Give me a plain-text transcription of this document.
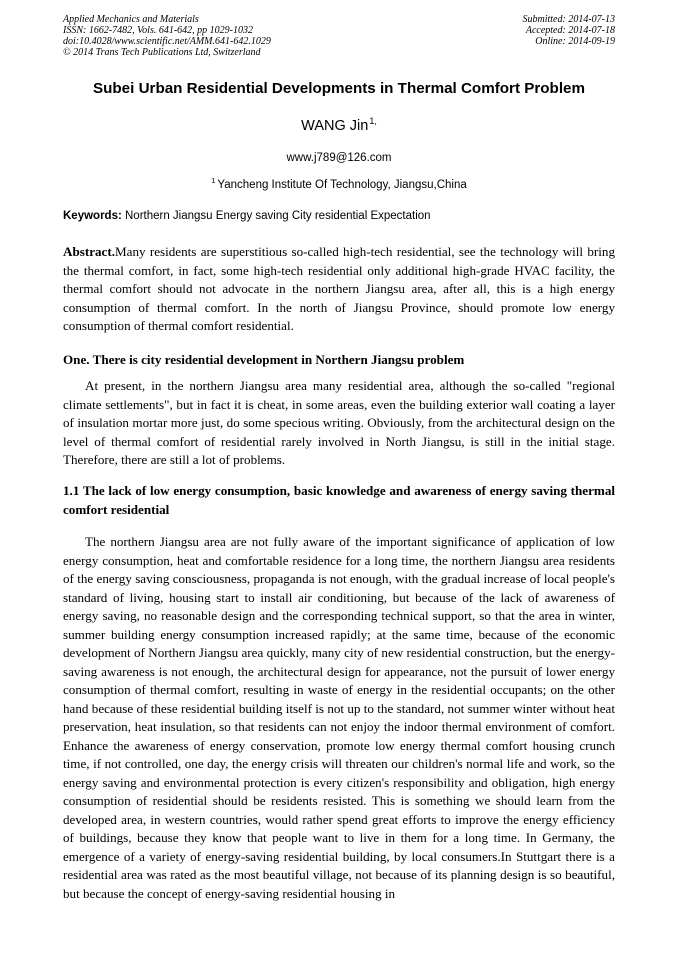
Applied Mechanics and Materials
ISSN: 1662-7482, Vols. 641-642, pp 1029-1032
doi:10.4028/www.scientific.net/AMM.641-642.1029
© 2014 Trans Tech Publications Ltd, Switzerland
Submitted: 2014-07-13
Accepted: 2014-07-18
Online: 2014-09-19
Subei Urban Residential Developments in Thermal Comfort Problem
WANG Jin$^{1,}$
www.j789@126.com
$^1$ Yancheng Institute Of Technology, Jiangsu,China
Keywords: Northern Jiangsu Energy saving City residential Expectation
Abstract.Many residents are superstitious so-called high-tech residential, see the technology will bring the thermal comfort, in fact, some high-tech residential only additional high-grade HVAC facility, the thermal comfort should not advocate in the northern Jiangsu area, after all, this is a high energy consumption of thermal comfort. In the north of Jiangsu Province, should promote low energy consumption of thermal comfort residential.
One. There is city residential development in Northern Jiangsu problem
At present, in the northern Jiangsu area many residential area, although the so-called "regional climate settlements", but in fact it is cheat, in some areas, even the building exterior wall coating a layer of insulation mortar more just, do some specious writing. Obviously, from the architectural design on the level of thermal comfort of residential rarely involved in North Jiangsu, is still in the initial stage. Therefore, there are still a lot of problems.
1.1 The lack of low energy consumption, basic knowledge and awareness of energy saving thermal comfort residential
The northern Jiangsu area are not fully aware of the important significance of application of low energy consumption, heat and comfortable residence for a long time, the northern Jiangsu area residents of the energy saving consciousness, propaganda is not enough, with the gradual increase of local people's standard of living, housing start to install air conditioning, but because of the lack of awareness of energy saving, no reasonable design and the corresponding technical support, so that the area in winter, summer building energy consumption increased rapidly; at the same time, because of the economic development of Northern Jiangsu area quickly, many city of new residential construction, but the energy-saving awareness is not enough, the architectural design for appearance, not the pursuit of lower energy consumption of thermal comfort, resulting in waste of energy in the residential occupants; on the other hand because of these residential building itself is not up to the standard, not summer winter without heat preservation, heat insulation, so that residents can not enjoy the indoor thermal environment of comfort. Enhance the awareness of energy conservation, promote low energy thermal comfort housing crunch time, if not controlled, one day, the energy crisis will threaten our children's normal life and work, so the energy saving and environmental protection is every citizen's responsibility and obligation, high energy consumption of residential should be residents resisted. This is something we should learn from the developed area, in western countries, would rather spend great efforts to improve the energy efficiency of buildings, because they know that people want to live in them for a long time. In Germany, the emergence of a variety of energy-saving residential building, by local consumers.In Stuttgart there is a residential area was rated as the most beautiful village, not because of its planning design is so beautiful, but because the concept of energy-saving residential housing in
